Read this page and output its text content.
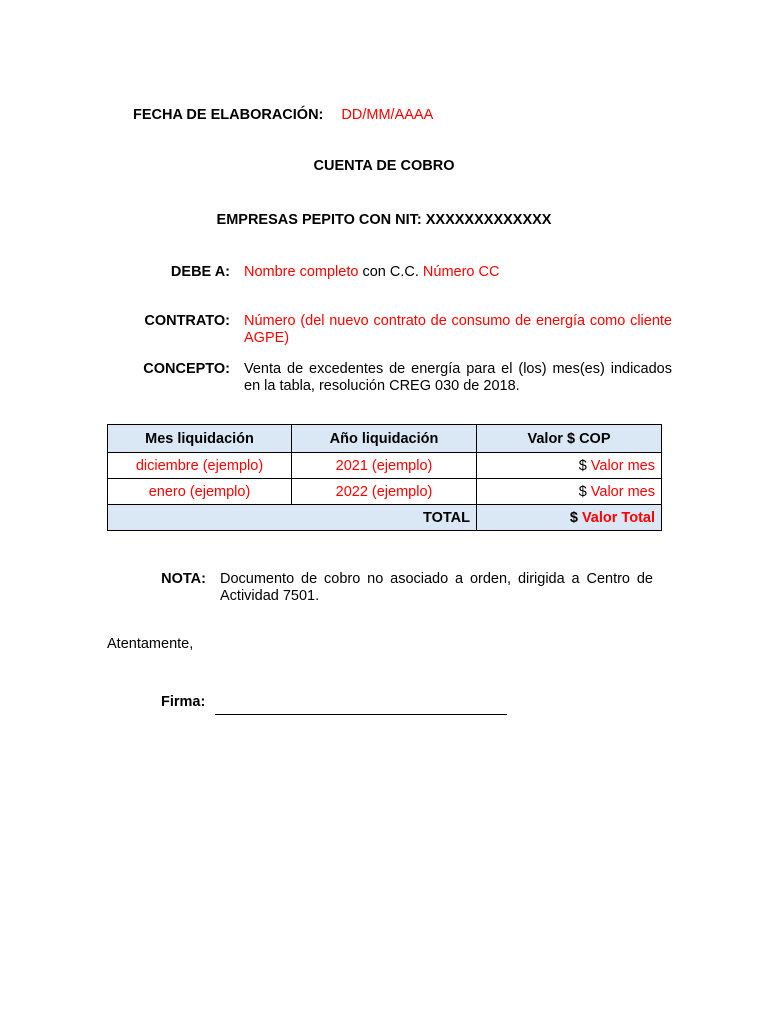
FECHA DE ELABORACIÓN: DD/MM/AAAA
CUENTA DE COBRO
EMPRESAS PEPITO CON NIT: XXXXXXXXXXXXX
DEBE A: Nombre completo con C.C. Número CC
CONTRATO: Número (del nuevo contrato de consumo de energía como cliente AGPE)
CONCEPTO: Venta de excedentes de energía para el (los) mes(es) indicados en la tabla, resolución CREG 030 de 2018.
Mes liquidación	Año liquidación	Valor $ COP
diciembre (ejemplo)	2021 (ejemplo)	$ Valor mes
enero (ejemplo)	2022 (ejemplo)	$ Valor mes
TOTAL		$ Valor Total
NOTA: Documento de cobro no asociado a orden, dirigida a Centro de Actividad 7501.
Atentamente,
Firma:
